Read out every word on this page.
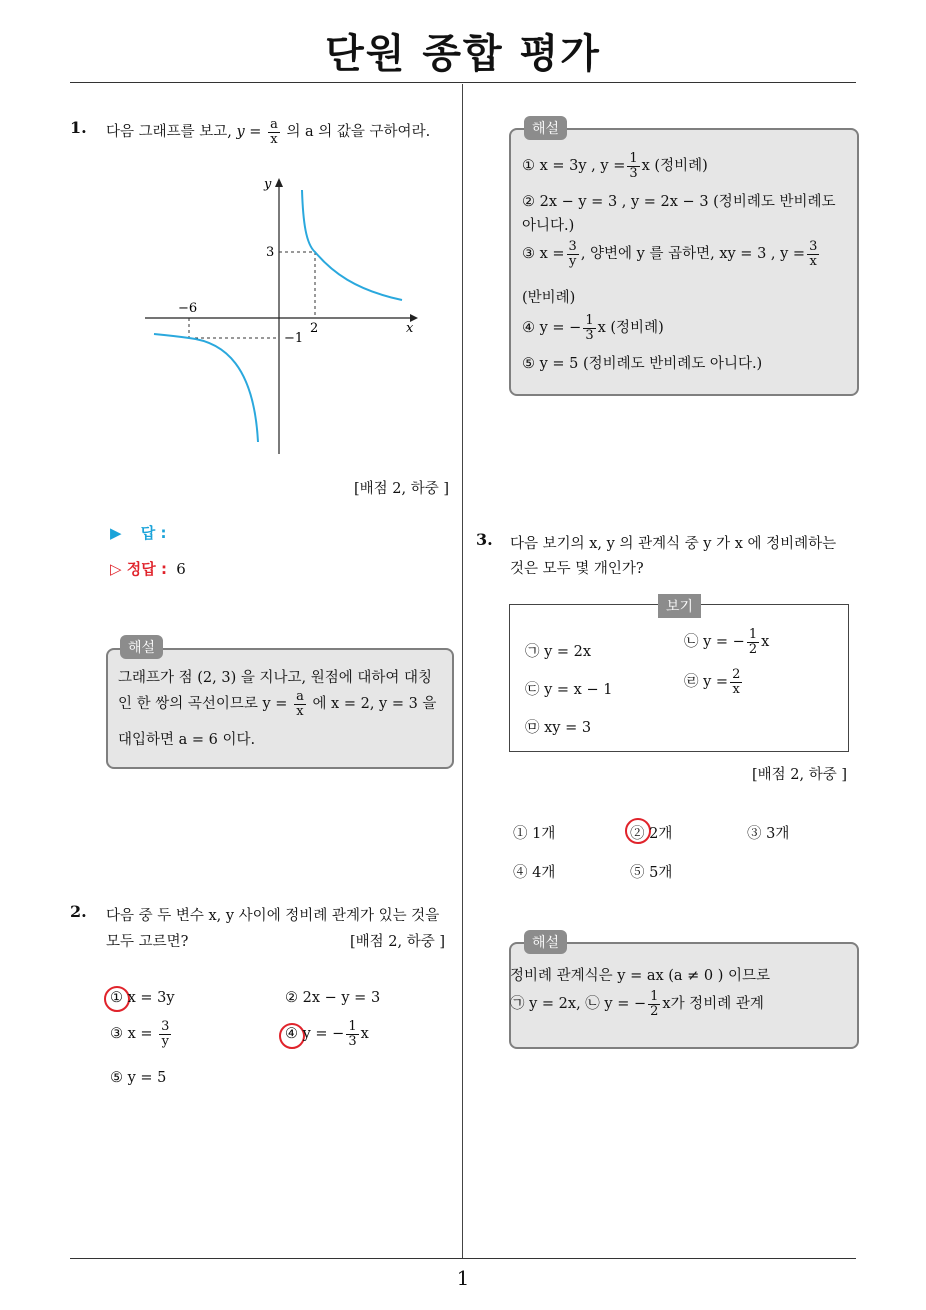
단원 종합 평가
1. 다음 그래프를 보고, $y = \frac{a}{x}$ 의 a 의 값을 구하여라.
y
x
3
−6
2
−1
[배점 2, 하중 ]
▶ 답 :
▷ 정답 : 6
해설
그래프가 점 (2, 3) 을 지나고, 원점에 대하여 대칭
인 한 쌍의 곡선이므로 $y = \frac{a}{x}$ 에 x = 2, y = 3 을
대입하면 a = 6 이다.
2. 다음 중 두 변수 x, y 사이에 정비례 관계가 있는 것을
모두 고르면?	[배점 2, 하중 ]
① x = 3y	② 2x − y = 3
③ $x = \frac{3}{y}$	④ y = − $\frac{1}{3}$ x
⑤ y = 5
해설
① x = 3y , $y = \frac{1}{3}$ x (정비례)
② 2x − y = 3 , y = 2x − 3 (정비례도 반비례도
아니다.)
③ $x = \frac{3}{y}$ , 양변에 y 를 곱하면, xy = 3 , $y = \frac{3}{x}$
(반비례)
④ y = − $\frac{1}{3}$ x (정비례)
⑤ y = 5 (정비례도 반비례도 아니다.)
3. 다음 보기의 x, y 의 관계식 중 y 가 x 에 정비례하는
것은 모두 몇 개인가?
보기
㉠ y = 2x
㉡ y = − $\frac{1}{2}$ x
㉢ y = x − 1	㉣ $y = \frac{2}{x}$
㉤ xy = 3
[배점 2, 하중 ]
① 1개	② 2개	③ 3개
④ 4개	⑤ 5개
해설
정비례 관계식은 y = ax (a ≠ 0 ) 이므로
㉠ y = 2x, ㉡ y = − $\frac{1}{2}$ x가 정비례 관계
1
